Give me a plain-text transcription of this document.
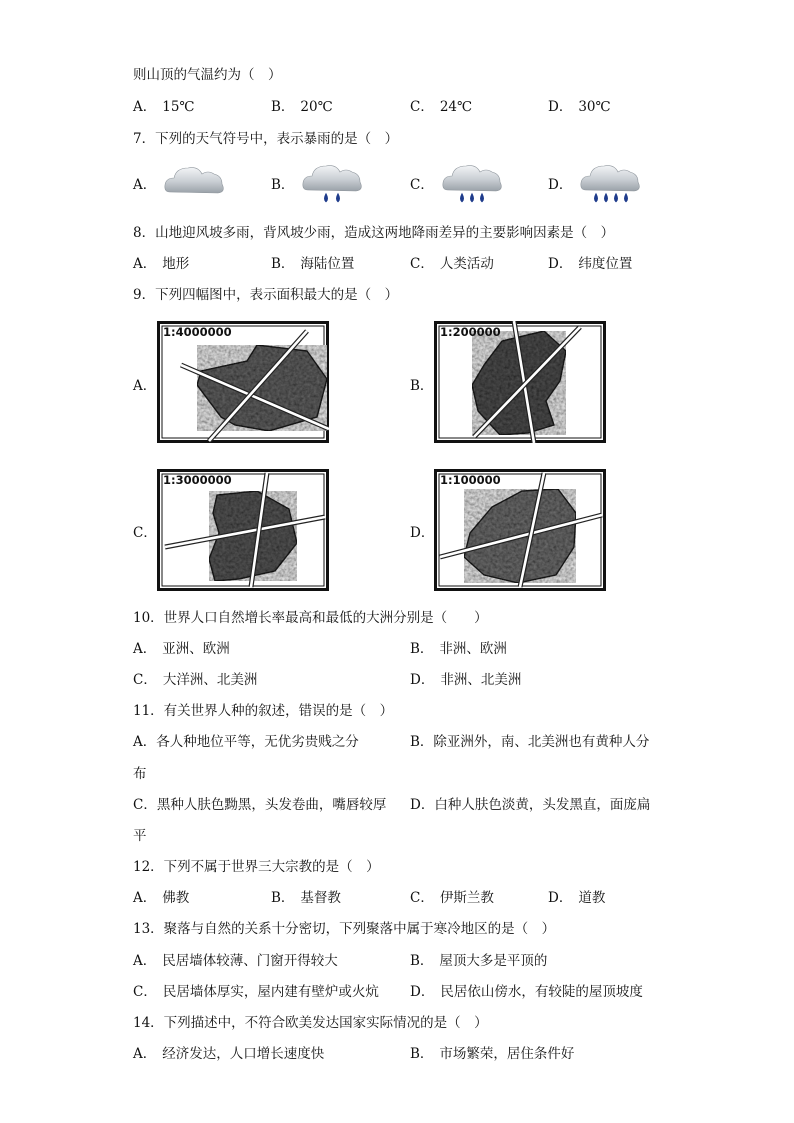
则山顶的气温约为（　）
A． 15℃	B． 20℃	C． 24℃	D． 30℃
7．下列的天气符号中，表示暴雨的是（　）
A．	B．	C．	D．
8．山地迎风坡多雨，背风坡少雨，造成这两地降雨差异的主要影响因素是（　）
A． 地形	B． 海陆位置	C． 人类活动	D． 纬度位置
9．下列四幅图中，表示面积最大的是（　）
A．
1:4000000
B．
1:200000
C．
1:3000000
D．
1:100000
10．世界人口自然增长率最高和最低的大洲分别是（　　）
A． 亚洲、欧洲	B． 非洲、欧洲
C． 大洋洲、北美洲	D． 非洲、北美洲
11．有关世界人种的叙述，错误的是（　）
A．各人种地位平等，无优劣贵贱之分	B．除亚洲外，南、北美洲也有黄种人分
布
C．黑种人肤色黝黑，头发卷曲，嘴唇较厚 D．白种人肤色淡黄，头发黑直，面庞扁
平
12．下列不属于世界三大宗教的是（　）
A． 佛教	B． 基督教	C． 伊斯兰教	D． 道教
13．聚落与自然的关系十分密切，下列聚落中属于寒冷地区的是（　）
A． 民居墙体较薄、门窗开得较大	B． 屋顶大多是平顶的
C． 民居墙体厚实，屋内建有壁炉或火炕 D． 民居依山傍水，有较陡的屋顶坡度
14．下列描述中，不符合欧美发达国家实际情况的是（　）
A． 经济发达，人口增长速度快	B． 市场繁荣，居住条件好
